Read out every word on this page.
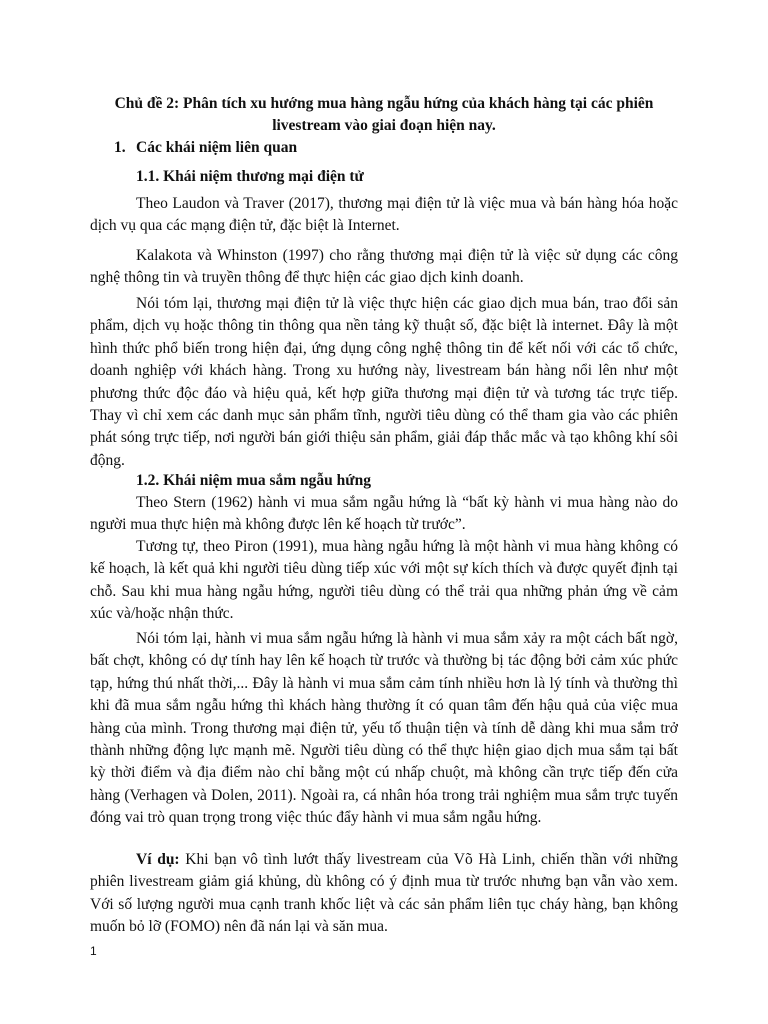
Chủ đề 2: Phân tích xu hướng mua hàng ngẫu hứng của khách hàng tại các phiên livestream vào giai đoạn hiện nay.

1. Các khái niệm liên quan

1.1. Khái niệm thương mại điện tử

Theo Laudon và Traver (2017), thương mại điện tử là việc mua và bán hàng hóa hoặc dịch vụ qua các mạng điện tử, đặc biệt là Internet.

Kalakota và Whinston (1997) cho rằng thương mại điện tử là việc sử dụng các công nghệ thông tin và truyền thông để thực hiện các giao dịch kinh doanh.

Nói tóm lại, thương mại điện tử là việc thực hiện các giao dịch mua bán, trao đổi sản phẩm, dịch vụ hoặc thông tin thông qua nền tảng kỹ thuật số, đặc biệt là internet. Đây là một hình thức phổ biến trong hiện đại, ứng dụng công nghệ thông tin để kết nối với các tổ chức, doanh nghiệp với khách hàng. Trong xu hướng này, livestream bán hàng nổi lên như một phương thức độc đáo và hiệu quả, kết hợp giữa thương mại điện tử và tương tác trực tiếp. Thay vì chỉ xem các danh mục sản phẩm tĩnh, người tiêu dùng có thể tham gia vào các phiên phát sóng trực tiếp, nơi người bán giới thiệu sản phẩm, giải đáp thắc mắc và tạo không khí sôi động.

1.2. Khái niệm mua sắm ngẫu hứng

Theo Stern (1962) hành vi mua sắm ngẫu hứng là “bất kỳ hành vi mua hàng nào do người mua thực hiện mà không được lên kế hoạch từ trước”.

Tương tự, theo Piron (1991), mua hàng ngẫu hứng là một hành vi mua hàng không có kế hoạch, là kết quả khi người tiêu dùng tiếp xúc với một sự kích thích và được quyết định tại chỗ. Sau khi mua hàng ngẫu hứng, người tiêu dùng có thể trải qua những phản ứng về cảm xúc và/hoặc nhận thức.

Nói tóm lại, hành vi mua sắm ngẫu hứng là hành vi mua sắm xảy ra một cách bất ngờ, bất chợt, không có dự tính hay lên kế hoạch từ trước và thường bị tác động bởi cảm xúc phức tạp, hứng thú nhất thời,... Đây là hành vi mua sắm cảm tính nhiều hơn là lý tính và thường thì khi đã mua sắm ngẫu hứng thì khách hàng thường ít có quan tâm đến hậu quả của việc mua hàng của mình. Trong thương mại điện tử, yếu tố thuận tiện và tính dễ dàng khi mua sắm trở thành những động lực mạnh mẽ. Người tiêu dùng có thể thực hiện giao dịch mua sắm tại bất kỳ thời điểm và địa điểm nào chỉ bằng một cú nhấp chuột, mà không cần trực tiếp đến cửa hàng (Verhagen và Dolen, 2011). Ngoài ra, cá nhân hóa trong trải nghiệm mua sắm trực tuyến đóng vai trò quan trọng trong việc thúc đẩy hành vi mua sắm ngẫu hứng.

Ví dụ: Khi bạn vô tình lướt thấy livestream của Võ Hà Linh, chiến thần với những phiên livestream giảm giá khủng, dù không có ý định mua từ trước nhưng bạn vẫn vào xem. Với số lượng người mua cạnh tranh khốc liệt và các sản phẩm liên tục cháy hàng, bạn không muốn bỏ lỡ (FOMO) nên đã nán lại và săn mua.

1
